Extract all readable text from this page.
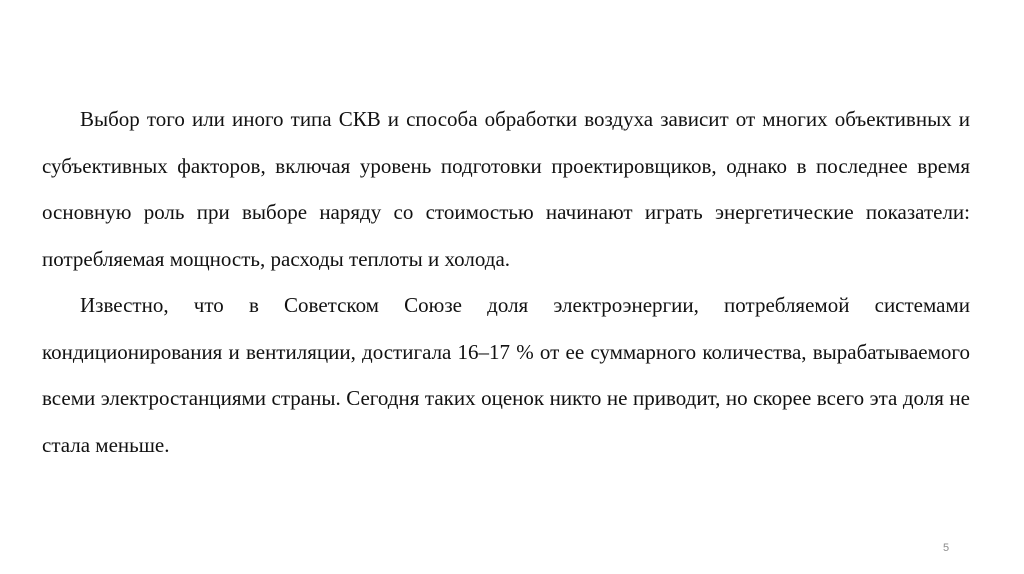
Выбор того или иного типа СКВ и способа обработки воздуха зависит от многих объективных и субъективных факторов, включая уровень подготовки проектировщиков, однако в последнее время основную роль при выборе наряду со стоимостью начинают играть энергетические показатели: потребляемая мощность, расходы теплоты и холода.

Известно, что в Советском Союзе доля электроэнергии, потребляемой системами кондиционирования и вентиляции, достигала 16–17 % от ее суммарного количества, вырабатываемого всеми электростанциями страны. Сегодня таких оценок никто не приводит, но скорее всего эта доля не стала меньше.

5
